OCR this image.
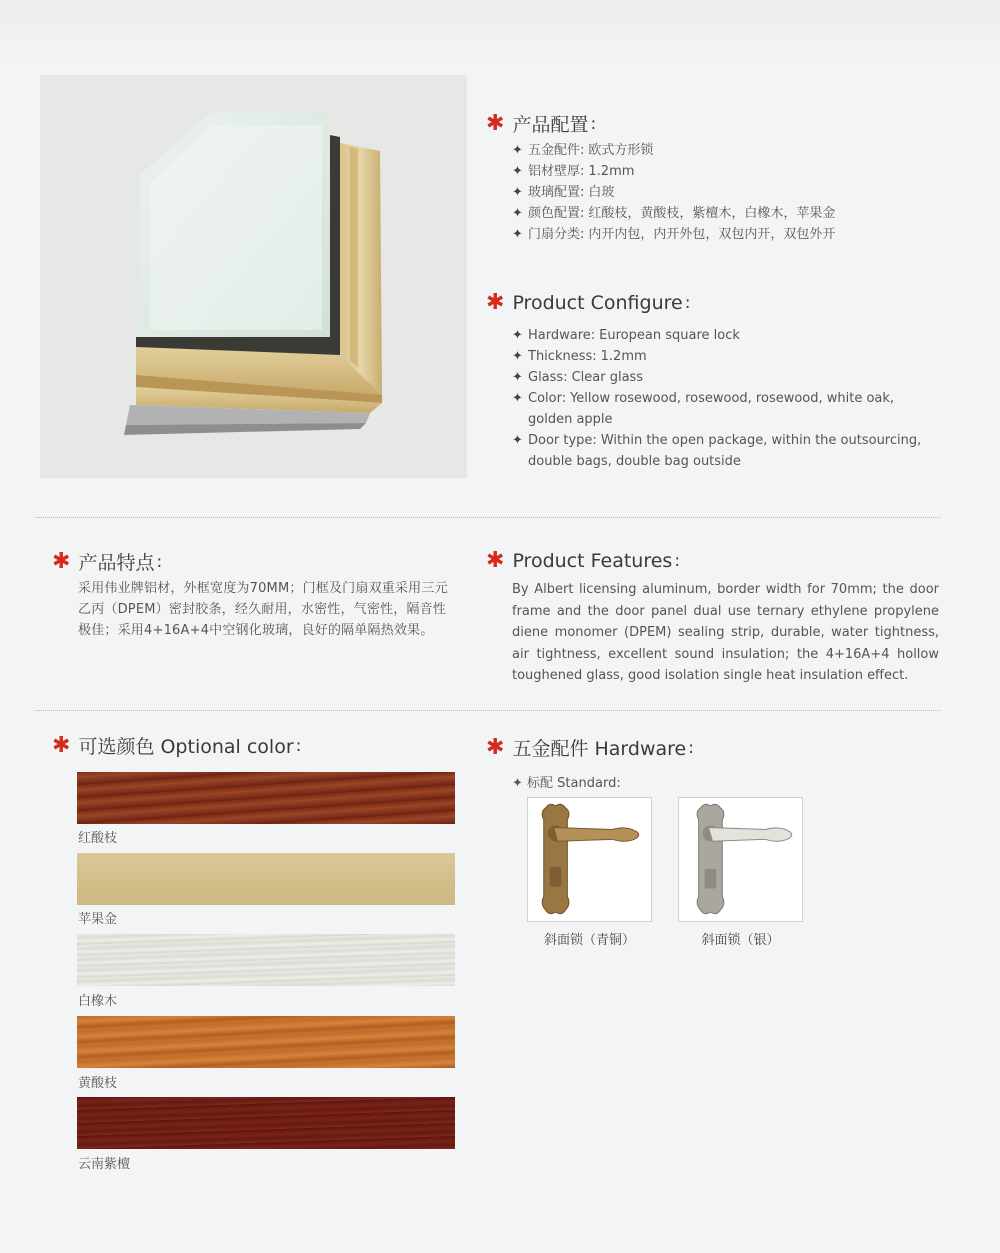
✱ 产品配置 :
✦ 五金配件: 欧式方形锁
✦ 铝材壁厚: 1.2mm
✦ 玻璃配置: 白玻
✦ 颜色配置: 红酸枝，黄酸枝，紫檀木，白橡木，苹果金
✦ 门扇分类: 内开内包，内开外包，双包内开，双包外开
✱ Product Configure :
✦ Hardware: European square lock
✦ Thickness: 1.2mm
✦ Glass: Clear glass
✦ Color: Yellow rosewood, rosewood, rosewood, white oak, golden apple
✦ Door type: Within the open package, within the outsourcing, double bags, double bag outside
✱ 产品特点 :

采用伟业牌铝材，外框宽度为70MM；门框及门扇双重采用三元乙丙（DPEM）密封胶条，经久耐用，水密性，气密性，隔音性极佳；采用4+16A+4中空钢化玻璃，良好的隔单隔热效果。

✱ Product Features :

By Albert licensing aluminum, border width for 70mm; the door frame and the door panel dual use ternary ethylene propylene diene monomer (DPEM) sealing strip, durable, water tightness, air tightness, excellent sound insulation; the 4+16A+4 hollow toughened glass, good isolation single heat insulation effect.

✱ 可选颜色 Optional color :
红酸枝
苹果金
白橡木
黄酸枝
云南紫檀
✱ 五金配件 Hardware :
✦ 标配 Standard:
斜面锁（青铜）	斜面锁（银）
